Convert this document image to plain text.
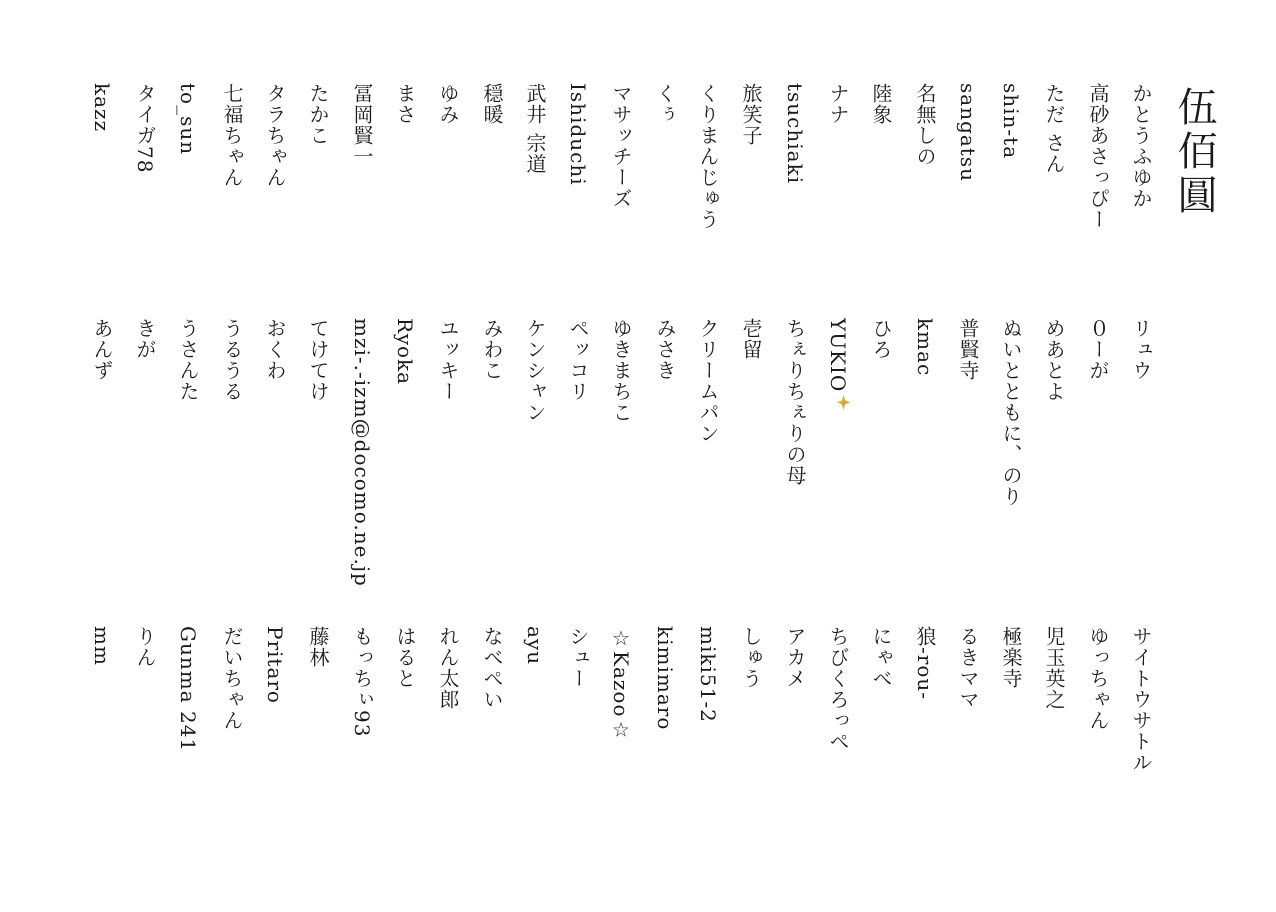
伍佰圓
かとうふゆか
リュウ
サイトウサトル
高砂あさっぴー
０ーが
ゆっちゃん
ただ さん
めあとよ
児玉英之
shin-ta
ぬいとともに、のり
極楽寺
sangatsu
普賢寺
るきママ
名無しの
kmac
狼-rou-
陸象
ひろ
にゃべ
ナナ
YUKIO
ちびくろっぺ
tsuchiaki
ちぇりちぇりの母
アカメ
旅笑子
壱留
しゅう
くりまんじゅう
クリームパン
miki51-2
くぅ
みさき
kimimaro
マサッチーズ
ゆきまちこ
☆Kazoo☆
Ishiduchi
ペッコリ
シュー
武井 宗道
ケンシャン
ayu
穏暖
みわこ
なべぺい
ゆみ
ユッキー
れん太郎
まさ
Ryoka
はると
冨岡賢一
mzi-.-izm@docomo.ne.jp
もっちぃ93
たかこ
てけてけ
藤林
タラちゃん
おくわ
Pritaro
七福ちゃん
うるうる
だいちゃん
to_sun
うさんた
Gunma 241
タイガ78
きが
りん
kazz
あんず
mm
